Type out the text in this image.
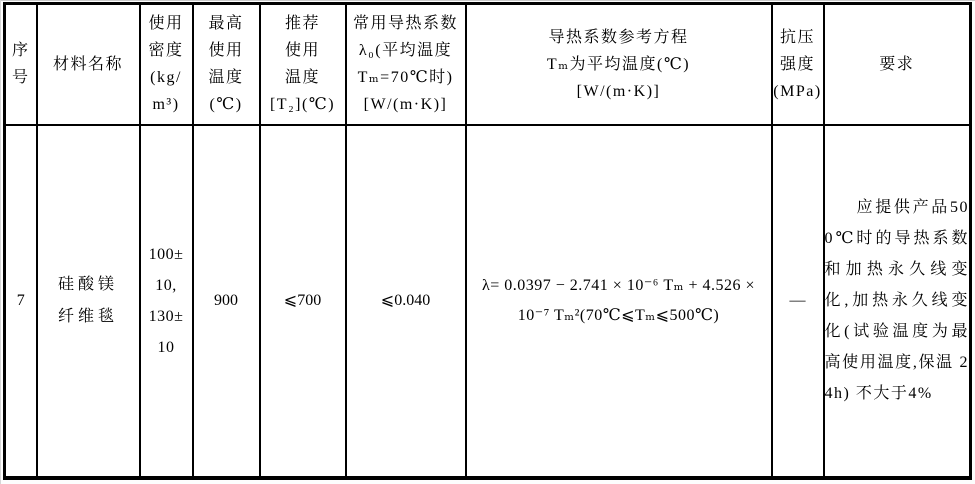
序
号

材料名称

使用
密度
(kg/
m³)

最高
使用
温度
(℃)

推荐
使用
温度
[T₂](℃)

常用导热系数
λ₀(平均温度
Tₘ=70℃时)
[W/(m·K)]

导热系数参考方程
Tₘ为平均温度(℃)
[W/(m·K)]

抗压
强度
(MPa)

要求

7

硅酸镁
纤维毯

100±
10,
130±
10

900	⩽700	⩽0.040

λ= 0.0397 − 2.741 × 10⁻⁶ Tₘ + 4.526 ×
10⁻⁷ Tₘ²(70℃⩽Tₘ⩽500℃)

—

应提供产品500℃时的导热系数和加热永久线变化,加热永久线变化(试验温度为最高使用温度,保温 24h) 不大于4%
